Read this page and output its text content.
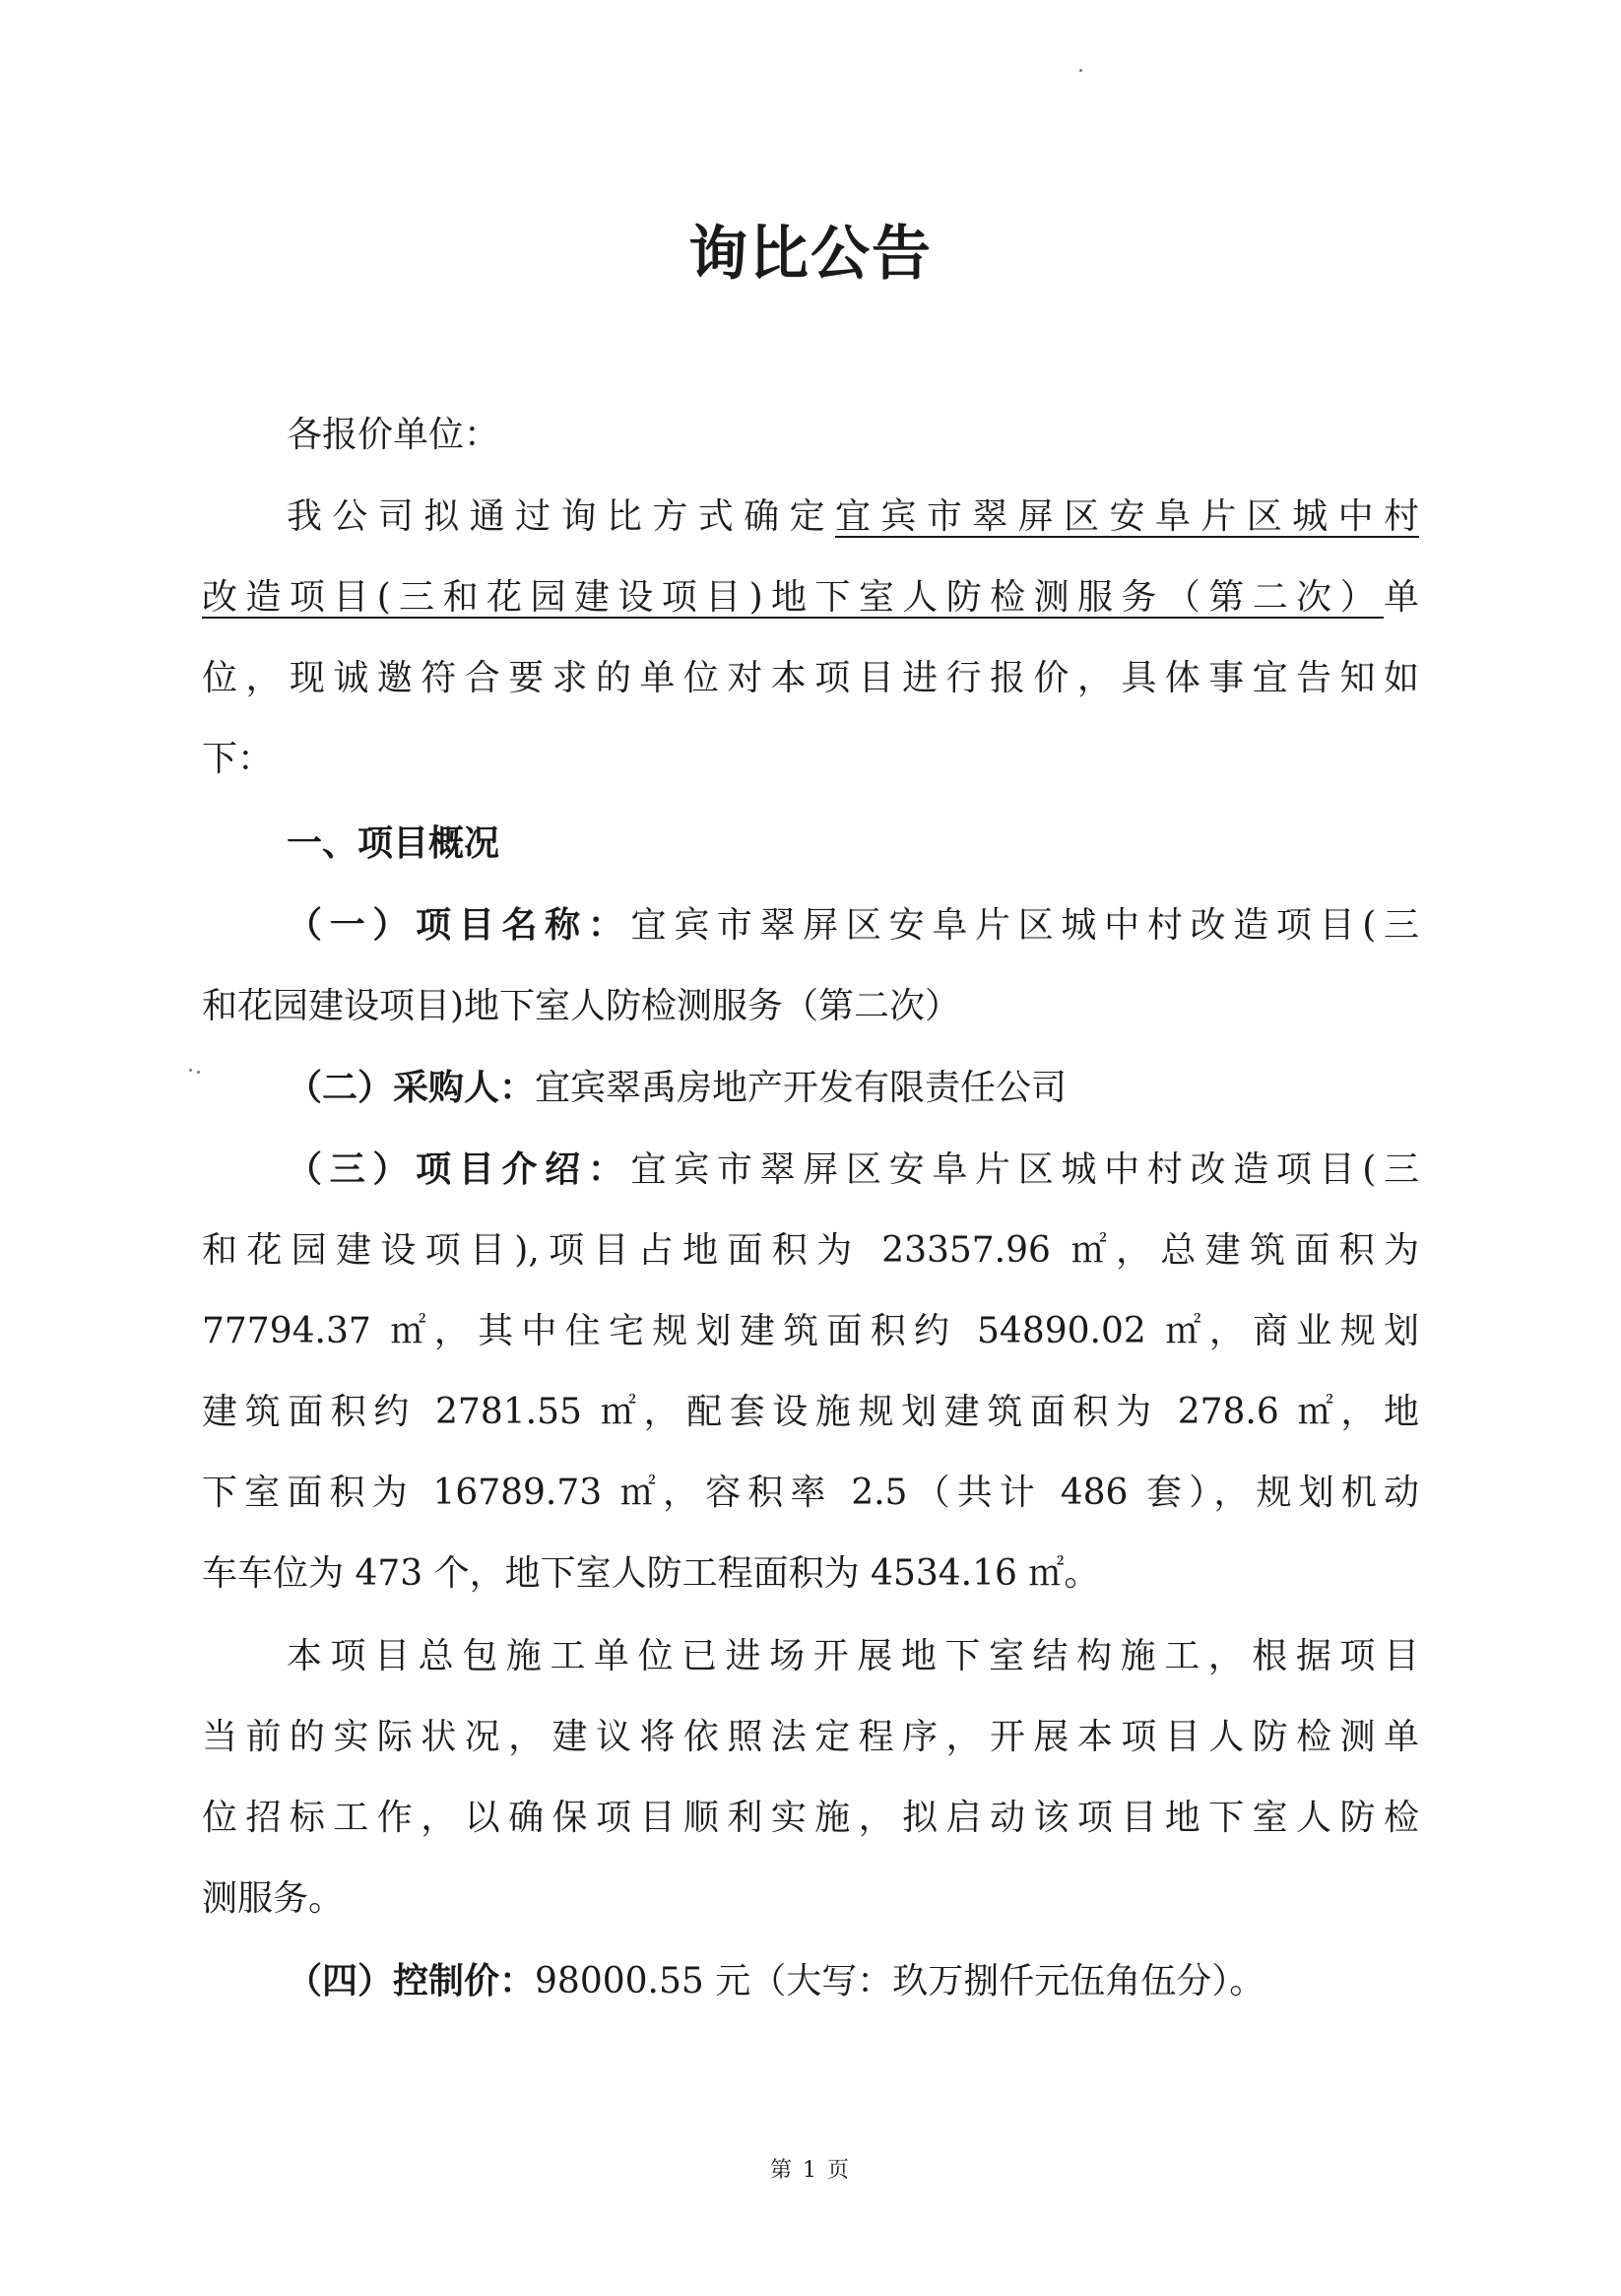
询比公告

各报价单位：

我公司拟通过询比方式确定宜宾市翠屏区安阜片区城中村

改造项目(三和花园建设项目)地下室人防检测服务（第二次）单

位，现诚邀符合要求的单位对本项目进行报价，具体事宜告知如

下：

一、项目概况

（一）项目名称：宜宾市翠屏区安阜片区城中村改造项目(三

和花园建设项目)地下室人防检测服务（第二次）

（二）采购人：宜宾翠禹房地产开发有限责任公司

（三）项目介绍：宜宾市翠屏区安阜片区城中村改造项目(三

和花园建设项目),项目占地面积为 23357.96 ㎡，总建筑面积为

77794.37 ㎡，其中住宅规划建筑面积约 54890.02 ㎡，商业规划

建筑面积约 2781.55 ㎡，配套设施规划建筑面积为 278.6 ㎡，地

下室面积为 16789.73 ㎡，容积率 2.5（共计 486 套），规划机动

车车位为 473 个，地下室人防工程面积为 4534.16 ㎡。

本项目总包施工单位已进场开展地下室结构施工，根据项目

当前的实际状况，建议将依照法定程序，开展本项目人防检测单

位招标工作，以确保项目顺利实施，拟启动该项目地下室人防检

测服务。

（四）控制价：98000.55 元（大写：玖万捌仟元伍角伍分）。

第 1 页
